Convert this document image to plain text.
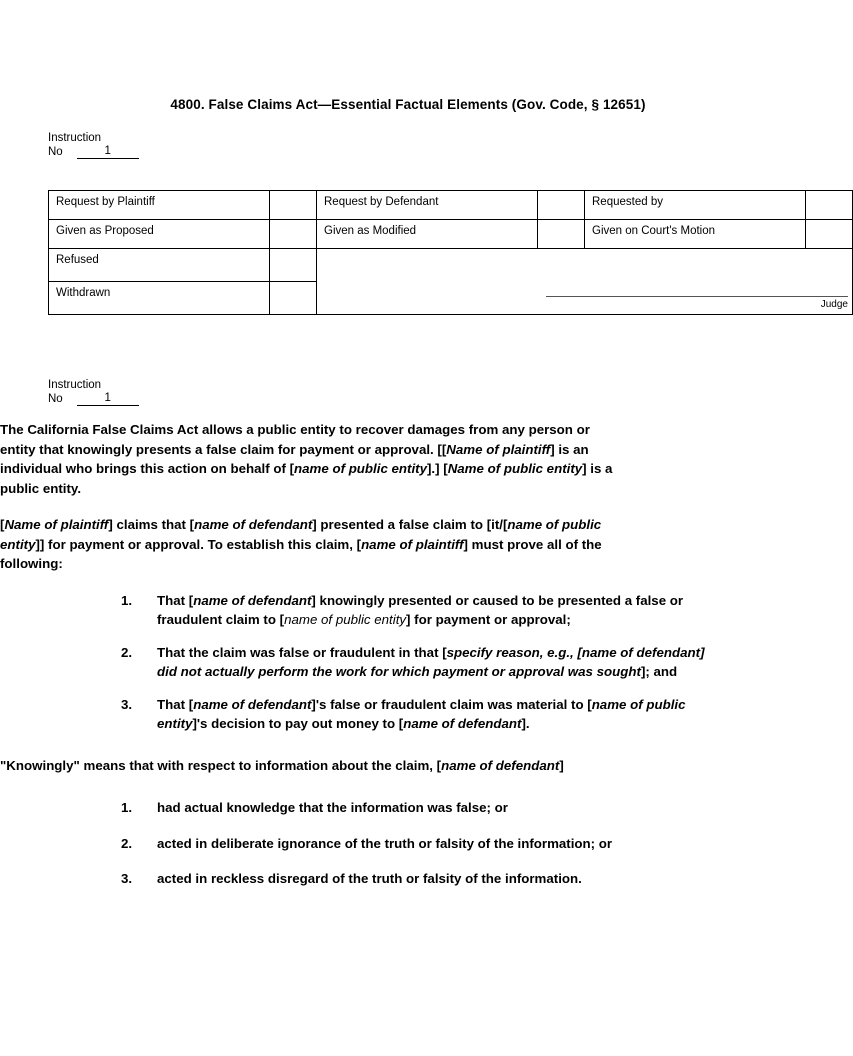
4800. False Claims Act—Essential Factual Elements (Gov. Code, § 12651)
Instruction
No	1
Request by Plaintiff		Request by Defendant		Requested by	
Given as Proposed		Given as Modified		Given on Court's Motion	
Refused		Judge			

Withdrawn					
Instruction
No	1

The California False Claims Act allows a public entity to recover damages from any person or entity that knowingly presents a false claim for payment or approval. [[Name of plaintiff] is an individual who brings this action on behalf of [name of public entity].] [Name of public entity] is a public entity.

[Name of plaintiff] claims that [name of defendant] presented a false claim to [it/[name of public entity]] for payment or approval. To establish this claim, [name of plaintiff] must prove all of the following:

1.	That [name of defendant] knowingly presented or caused to be presented a false or fraudulent claim to [name of public entity] for payment or approval;
2.	That the claim was false or fraudulent in that [specify reason, e.g., [name of defendant] did not actually perform the work for which payment or approval was sought]; and
3.	That [name of defendant]'s false or fraudulent claim was material to [name of public entity]'s decision to pay out money to [name of defendant].

"Knowingly" means that with respect to information about the claim, [name of defendant]

1.	had actual knowledge that the information was false; or
2.	acted in deliberate ignorance of the truth or falsity of the information; or
3.	acted in reckless disregard of the truth or falsity of the information.
